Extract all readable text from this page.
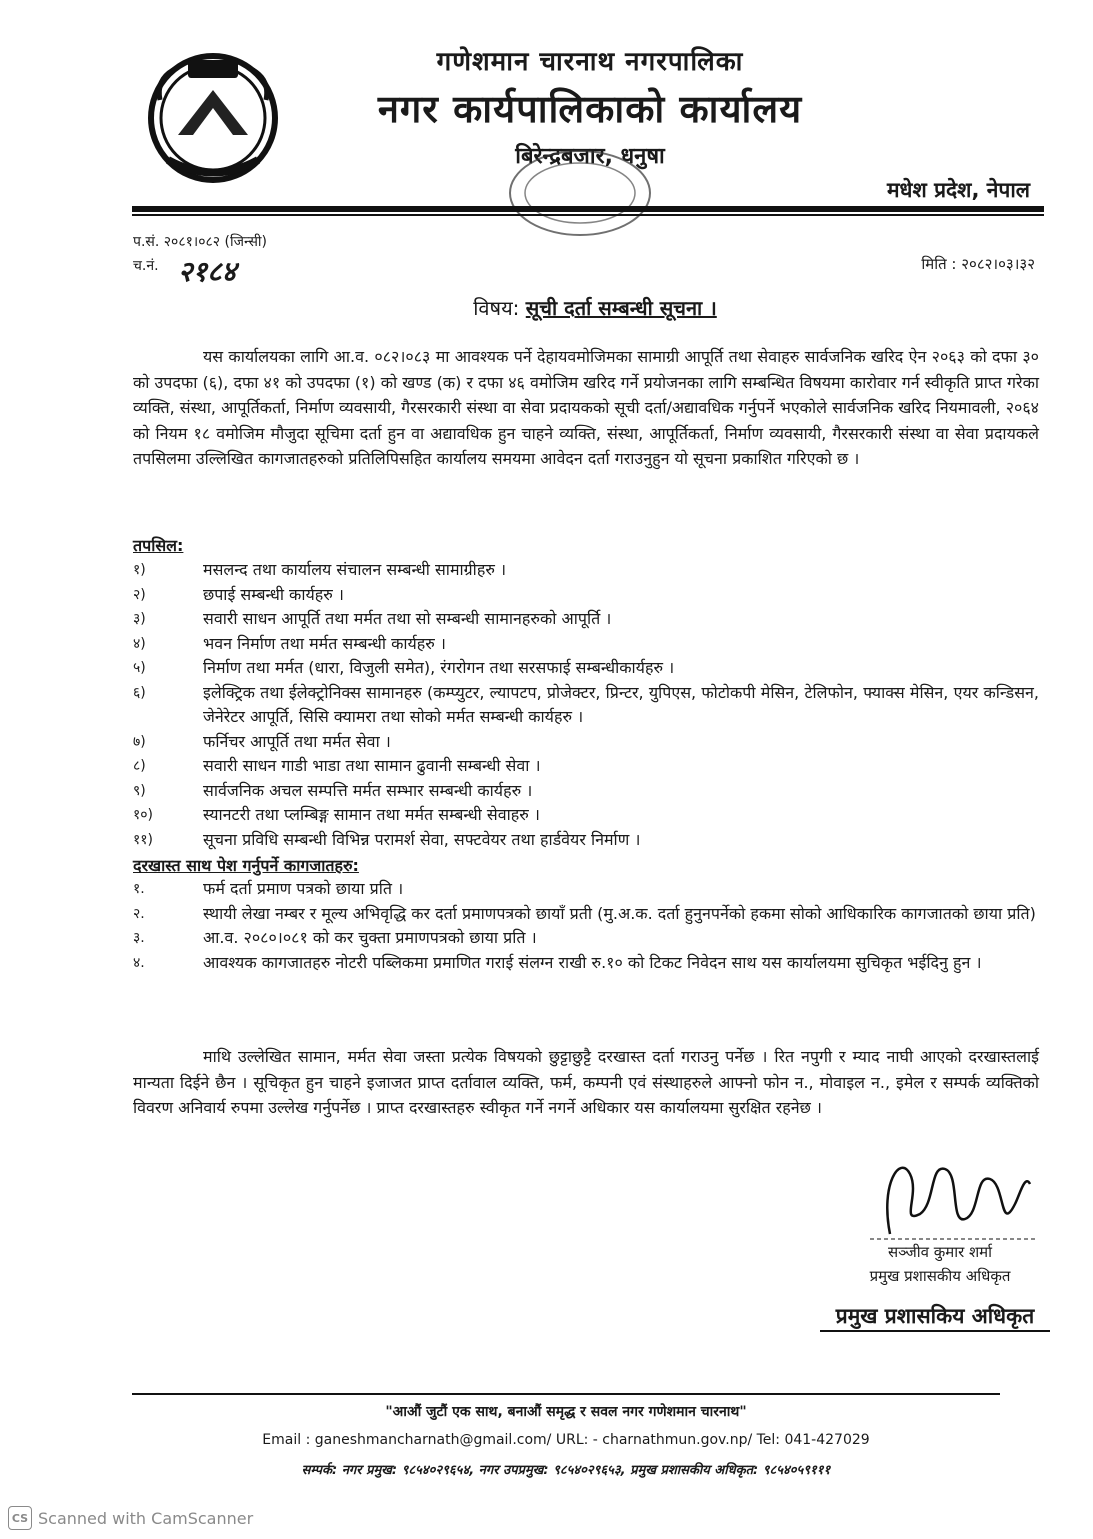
गणेशमान चारनाथ नगरपालिका
नगर कार्यपालिकाको कार्यालय
बिरेन्द्रबजार, धनुषा
मधेश प्रदेश, नेपाल
प.सं. २०८१।०८२ (जिन्सी)
च.नं. २१८४	मिति : २०८२।०३।३२
विषय: सूची दर्ता सम्बन्धी सूचना ।
यस कार्यालयका लागि आ.व. ०८२।०८३ मा आवश्यक पर्ने देहायवमोजिमका सामाग्री आपूर्ति तथा सेवाहरु सार्वजनिक खरिद ऐन २०६३ को दफा ३० को उपदफा (६), दफा ४१ को उपदफा (१) को खण्ड (क) र दफा ४६ वमोजिम खरिद गर्ने प्रयोजनका लागि सम्बन्धित विषयमा कारोवार गर्न स्वीकृति प्राप्त गरेका व्यक्ति, संस्था, आपूर्तिकर्ता, निर्माण व्यवसायी, गैरसरकारी संस्था वा सेवा प्रदायकको सूची दर्ता/अद्यावधिक गर्नुपर्ने भएकोले सार्वजनिक खरिद नियमावली, २०६४ को नियम १८ वमोजिम मौजुदा सूचिमा दर्ता हुन वा अद्यावधिक हुन चाहने व्यक्ति, संस्था, आपूर्तिकर्ता, निर्माण व्यवसायी, गैरसरकारी संस्था वा सेवा प्रदायकले तपसिलमा उल्लिखित कागजातहरुको प्रतिलिपिसहित कार्यालय समयमा आवेदन दर्ता गराउनुहुन यो सूचना प्रकाशित गरिएको छ ।
तपसिल:
१)	मसलन्द तथा कार्यालय संचालन सम्बन्धी सामाग्रीहरु ।
२)	छपाई सम्बन्धी कार्यहरु ।
३)	सवारी साधन आपूर्ति तथा मर्मत तथा सो सम्बन्धी सामानहरुको आपूर्ति ।
४)	भवन निर्माण तथा मर्मत सम्बन्धी कार्यहरु ।
५)	निर्माण तथा मर्मत (धारा, विजुली समेत), रंगरोगन तथा सरसफाई सम्बन्धीकार्यहरु ।
६)	इलेक्ट्रिक तथा ईलेक्ट्रोनिक्स सामानहरु (कम्प्युटर, ल्यापटप, प्रोजेक्टर, प्रिन्टर, युपिएस, फोटोकपी मेसिन, टेलिफोन, फ्याक्स मेसिन, एयर कन्डिसन, जेनेरेटर आपूर्ति, सिसि क्यामरा तथा सोको मर्मत सम्बन्धी कार्यहरु ।
७)	फर्निचर आपूर्ति तथा मर्मत सेवा ।
८)	सवारी साधन गाडी भाडा तथा सामान ढुवानी सम्बन्धी सेवा ।
९)	सार्वजनिक अचल सम्पत्ति मर्मत सम्भार सम्बन्धी कार्यहरु ।
१०)	स्यानटरी तथा प्लम्बिङ्ग सामान तथा मर्मत सम्बन्धी सेवाहरु ।
११)	सूचना प्रविधि सम्बन्धी विभिन्न परामर्श सेवा, सफ्टवेयर तथा हार्डवेयर निर्माण ।
दरखास्त साथ पेश गर्नुपर्ने कागजातहरु:
१.	फर्म दर्ता प्रमाण पत्रको छाया प्रति ।
२.	स्थायी लेखा नम्बर र मूल्य अभिवृद्धि कर दर्ता प्रमाणपत्रको छायाँ प्रती (मु.अ.क. दर्ता हुनुनपर्नेको हकमा सोको आधिकारिक कागजातको छाया प्रति)
३.	आ.व. २०८०।०८१ को कर चुक्ता प्रमाणपत्रको छाया प्रति ।
४.	आवश्यक कागजातहरु नोटरी पब्लिकमा प्रमाणित गराई संलग्न राखी रु.१० को टिकट निवेदन साथ यस कार्यालयमा सुचिकृत भईदिनु हुन ।
माथि उल्लेखित सामान, मर्मत सेवा जस्ता प्रत्येक विषयको छुट्टाछुट्टै दरखास्त दर्ता गराउनु पर्नेछ । रित नपुगी र म्याद नाघी आएको दरखास्तलाई मान्यता दिईने छैन । सूचिकृत हुन चाहने इजाजत प्राप्त दर्तावाल व्यक्ति, फर्म, कम्पनी एवं संस्थाहरुले आफ्नो फोन न., मोवाइल न., इमेल र सम्पर्क व्यक्तिको विवरण अनिवार्य रुपमा उल्लेख गर्नुपर्नेछ । प्राप्त दरखास्तहरु स्वीकृत गर्ने नगर्ने अधिकार यस कार्यालयमा सुरक्षित रहनेछ ।
सञ्जीव कुमार शर्मा
प्रमुख प्रशासकीय अधिकृत
प्रमुख प्रशासकिय अधिकृत
"आऔं जुटौं एक साथ, बनाऔं समृद्ध र सवल नगर गणेशमान चारनाथ"
Email : ganeshmancharnath@gmail.com/ URL: - charnathmun.gov.np/ Tel: 041-427029
सम्पर्क: नगर प्रमुख: ९८५४०२९६५४, नगर उपप्रमुख: ९८५४०२९६५३, प्रमुख प्रशासकीय अधिकृत: ९८५४०५९१११
CS Scanned with CamScanner
